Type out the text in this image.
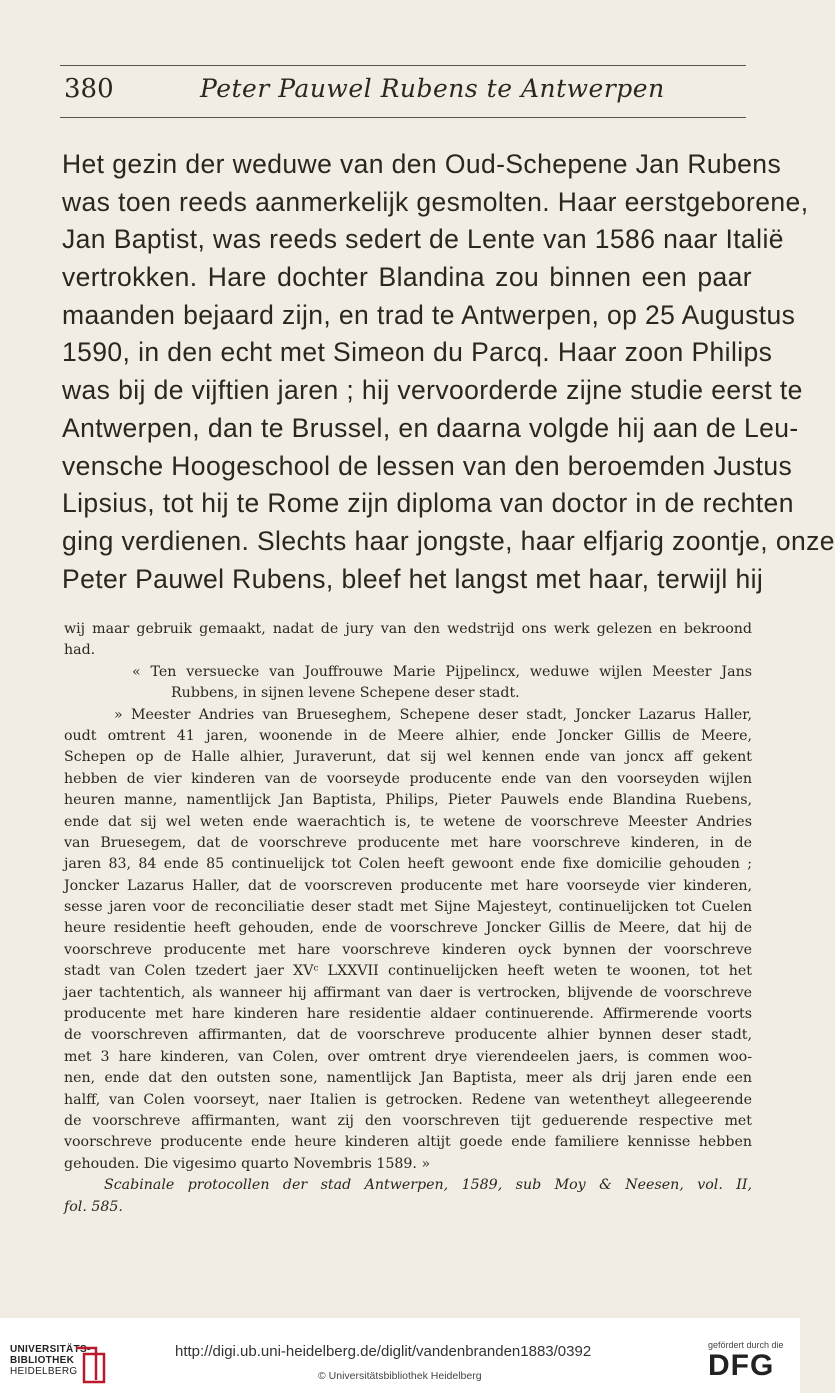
380	Peter Pauwel Rubens te Antwerpen
Het gezin der weduwe van den Oud-Schepene Jan Rubens
was toen reeds aanmerkelijk gesmolten. Haar eerstgeborene,
Jan Baptist, was reeds sedert de Lente van 1586 naar Italië
vertrokken. Hare dochter Blandina zou binnen een paar
maanden bejaard zijn, en trad te Antwerpen, op 25 Augustus
1590, in den echt met Simeon du Parcq. Haar zoon Philips
was bij de vijftien jaren ; hij vervoorderde zijne studie eerst te
Antwerpen, dan te Brussel, en daarna volgde hij aan de Leu-
vensche Hoogeschool de lessen van den beroemden Justus
Lipsius, tot hij te Rome zijn diploma van doctor in de rechten
ging verdienen. Slechts haar jongste, haar elfjarig zoontje, onze
Peter Pauwel Rubens, bleef het langst met haar, terwijl hij
wij maar gebruik gemaakt, nadat de jury van den wedstrijd ons werk gelezen en bekroond
had.
« Ten versuecke van Jouffrouwe Marie Pijpelincx, weduwe wijlen Meester Jans
Rubbens, in sijnen levene Schepene deser stadt.
» Meester Andries van Brueseghem, Schepene deser stadt, Joncker Lazarus Haller,
oudt omtrent 41 jaren, woonende in de Meere alhier, ende Joncker Gillis de Meere,
Schepen op de Halle alhier, Juraverunt, dat sij wel kennen ende van joncx aff gekent
hebben de vier kinderen van de voorseyde producente ende van den voorseyden wijlen
heuren manne, namentlijck Jan Baptista, Philips, Pieter Pauwels ende Blandina Ruebens,
ende dat sij wel weten ende waerachtich is, te wetene de voorschreve Meester Andries
van Bruesegem, dat de voorschreve producente met hare voorschreve kinderen, in de
jaren 83, 84 ende 85 continuelijck tot Colen heeft gewoont ende fixe domicilie gehouden ;
Joncker Lazarus Haller, dat de voorscreven producente met hare voorseyde vier kinderen,
sesse jaren voor de reconciliatie deser stadt met Sijne Majesteyt, continuelijcken tot Cuelen
heure residentie heeft gehouden, ende de voorschreve Joncker Gillis de Meere, dat hij de
voorschreve producente met hare voorschreve kinderen oyck bynnen der voorschreve
stadt van Colen tzedert jaer XVᶜ LXXVII continuelijcken heeft weten te woonen, tot het
jaer tachtentich, als wanneer hij affirmant van daer is vertrocken, blijvende de voorschreve
producente met hare kinderen hare residentie aldaer continuerende. Affirmerende voorts
de voorschreven affirmanten, dat de voorschreve producente alhier bynnen deser stadt,
met 3 hare kinderen, van Colen, over omtrent drye vierendeelen jaers, is commen woo-
nen, ende dat den outsten sone, namentlijck Jan Baptista, meer als drij jaren ende een
halff, van Colen voorseyt, naer Italien is getrocken. Redene van wetentheyt allegeerende
de voorschreve affirmanten, want zij den voorschreven tijt geduerende respective met
voorschreve producente ende heure kinderen altijt goede ende familiere kennisse hebben
gehouden. Die vigesimo quarto Novembris 1589. »
Scabinale protocollen der stad Antwerpen, 1589, sub Moy & Neesen, vol. II,
fol. 585.
UNIVERSITÄTS-
BIBLIOTHEK
HEIDELBERG
http://digi.ub.uni-heidelberg.de/diglit/vandenbranden1883/0392
© Universitätsbibliothek Heidelberg
gefördert durch die
DFG
